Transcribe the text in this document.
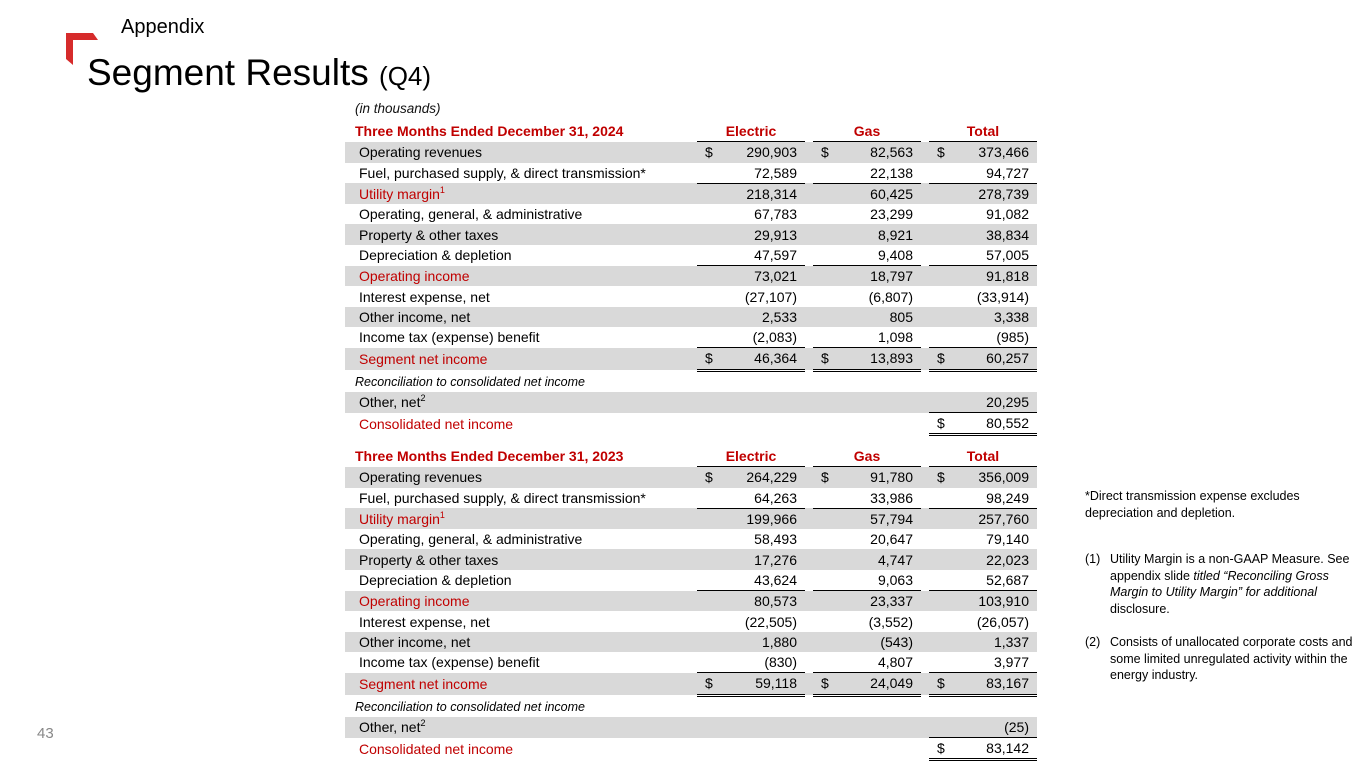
Appendix
Segment Results (Q4)
43
(in thousands)
Three Months Ended December 31, 2024	Electric			Gas			Total	
Operating revenues	$	290,903		$	82,563		$	373,466
Fuel, purchased supply, & direct transmission*		72,589			22,138			94,727
Utility margin$^1$		218,314			60,425			278,739
Operating, general, & administrative		67,783			23,299			91,082
Property & other taxes		29,913			8,921			38,834
Depreciation & depletion		47,597			9,408			57,005
Operating income		73,021			18,797			91,818
Interest expense, net		(27,107)			(6,807)			(33,914)
Other income, net		2,533			805			3,338
Income tax (expense) benefit		(2,083)			1,098			(985)
Segment net income	$	46,364		$	13,893		$	60,257
Reconciliation to consolidated net income								
Other, net$^2$								20,295
Consolidated net income							$	80,552
Three Months Ended December 31, 2023	Electric			Gas			Total	
Operating revenues	$	264,229		$	91,780		$	356,009
Fuel, purchased supply, & direct transmission*		64,263			33,986			98,249
Utility margin$^1$		199,966			57,794			257,760
Operating, general, & administrative		58,493			20,647			79,140
Property & other taxes		17,276			4,747			22,023
Depreciation & depletion		43,624			9,063			52,687
Operating income		80,573			23,337			103,910
Interest expense, net		(22,505)			(3,552)			(26,057)
Other income, net		1,880			(543)			1,337
Income tax (expense) benefit		(830)			4,807			3,977
Segment net income	$	59,118		$	24,049		$	83,167
Reconciliation to consolidated net income								
Other, net$^2$								(25)
Consolidated net income							$	83,142
*Direct transmission expense excludes depreciation and depletion.
(1) Utility Margin is a non-GAAP Measure. See appendix slide titled “Reconciling Gross Margin to Utility Margin” for additional disclosure.
(2) Consists of unallocated corporate costs and some limited unregulated activity within the energy industry.
